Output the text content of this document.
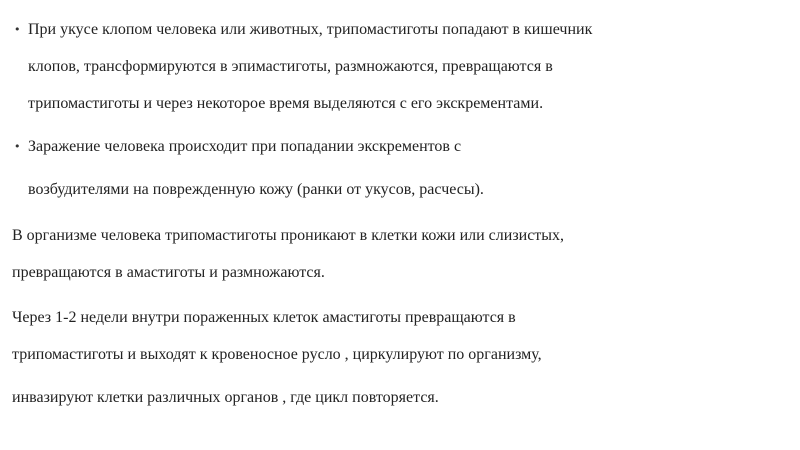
• При укусе клопом человека или животных, трипомастиготы попадают в кишечник
клопов, трансформируются в эпимастиготы, размножаются, превращаются в
трипомастиготы и через некоторое время выделяются с его экскрементами.
• Заражение человека происходит при попадании экскрементов с
возбудителями на поврежденную кожу (ранки от укусов, расчесы).
В организме человека трипомастиготы проникают в клетки кожи или слизистых,
превращаются в амастиготы и размножаются.
Через 1-2 недели внутри пораженных клеток амастиготы превращаются в
трипомастиготы и выходят к кровеносное русло , циркулируют по организму,
инвазируют клетки различных органов , где цикл повторяется.
